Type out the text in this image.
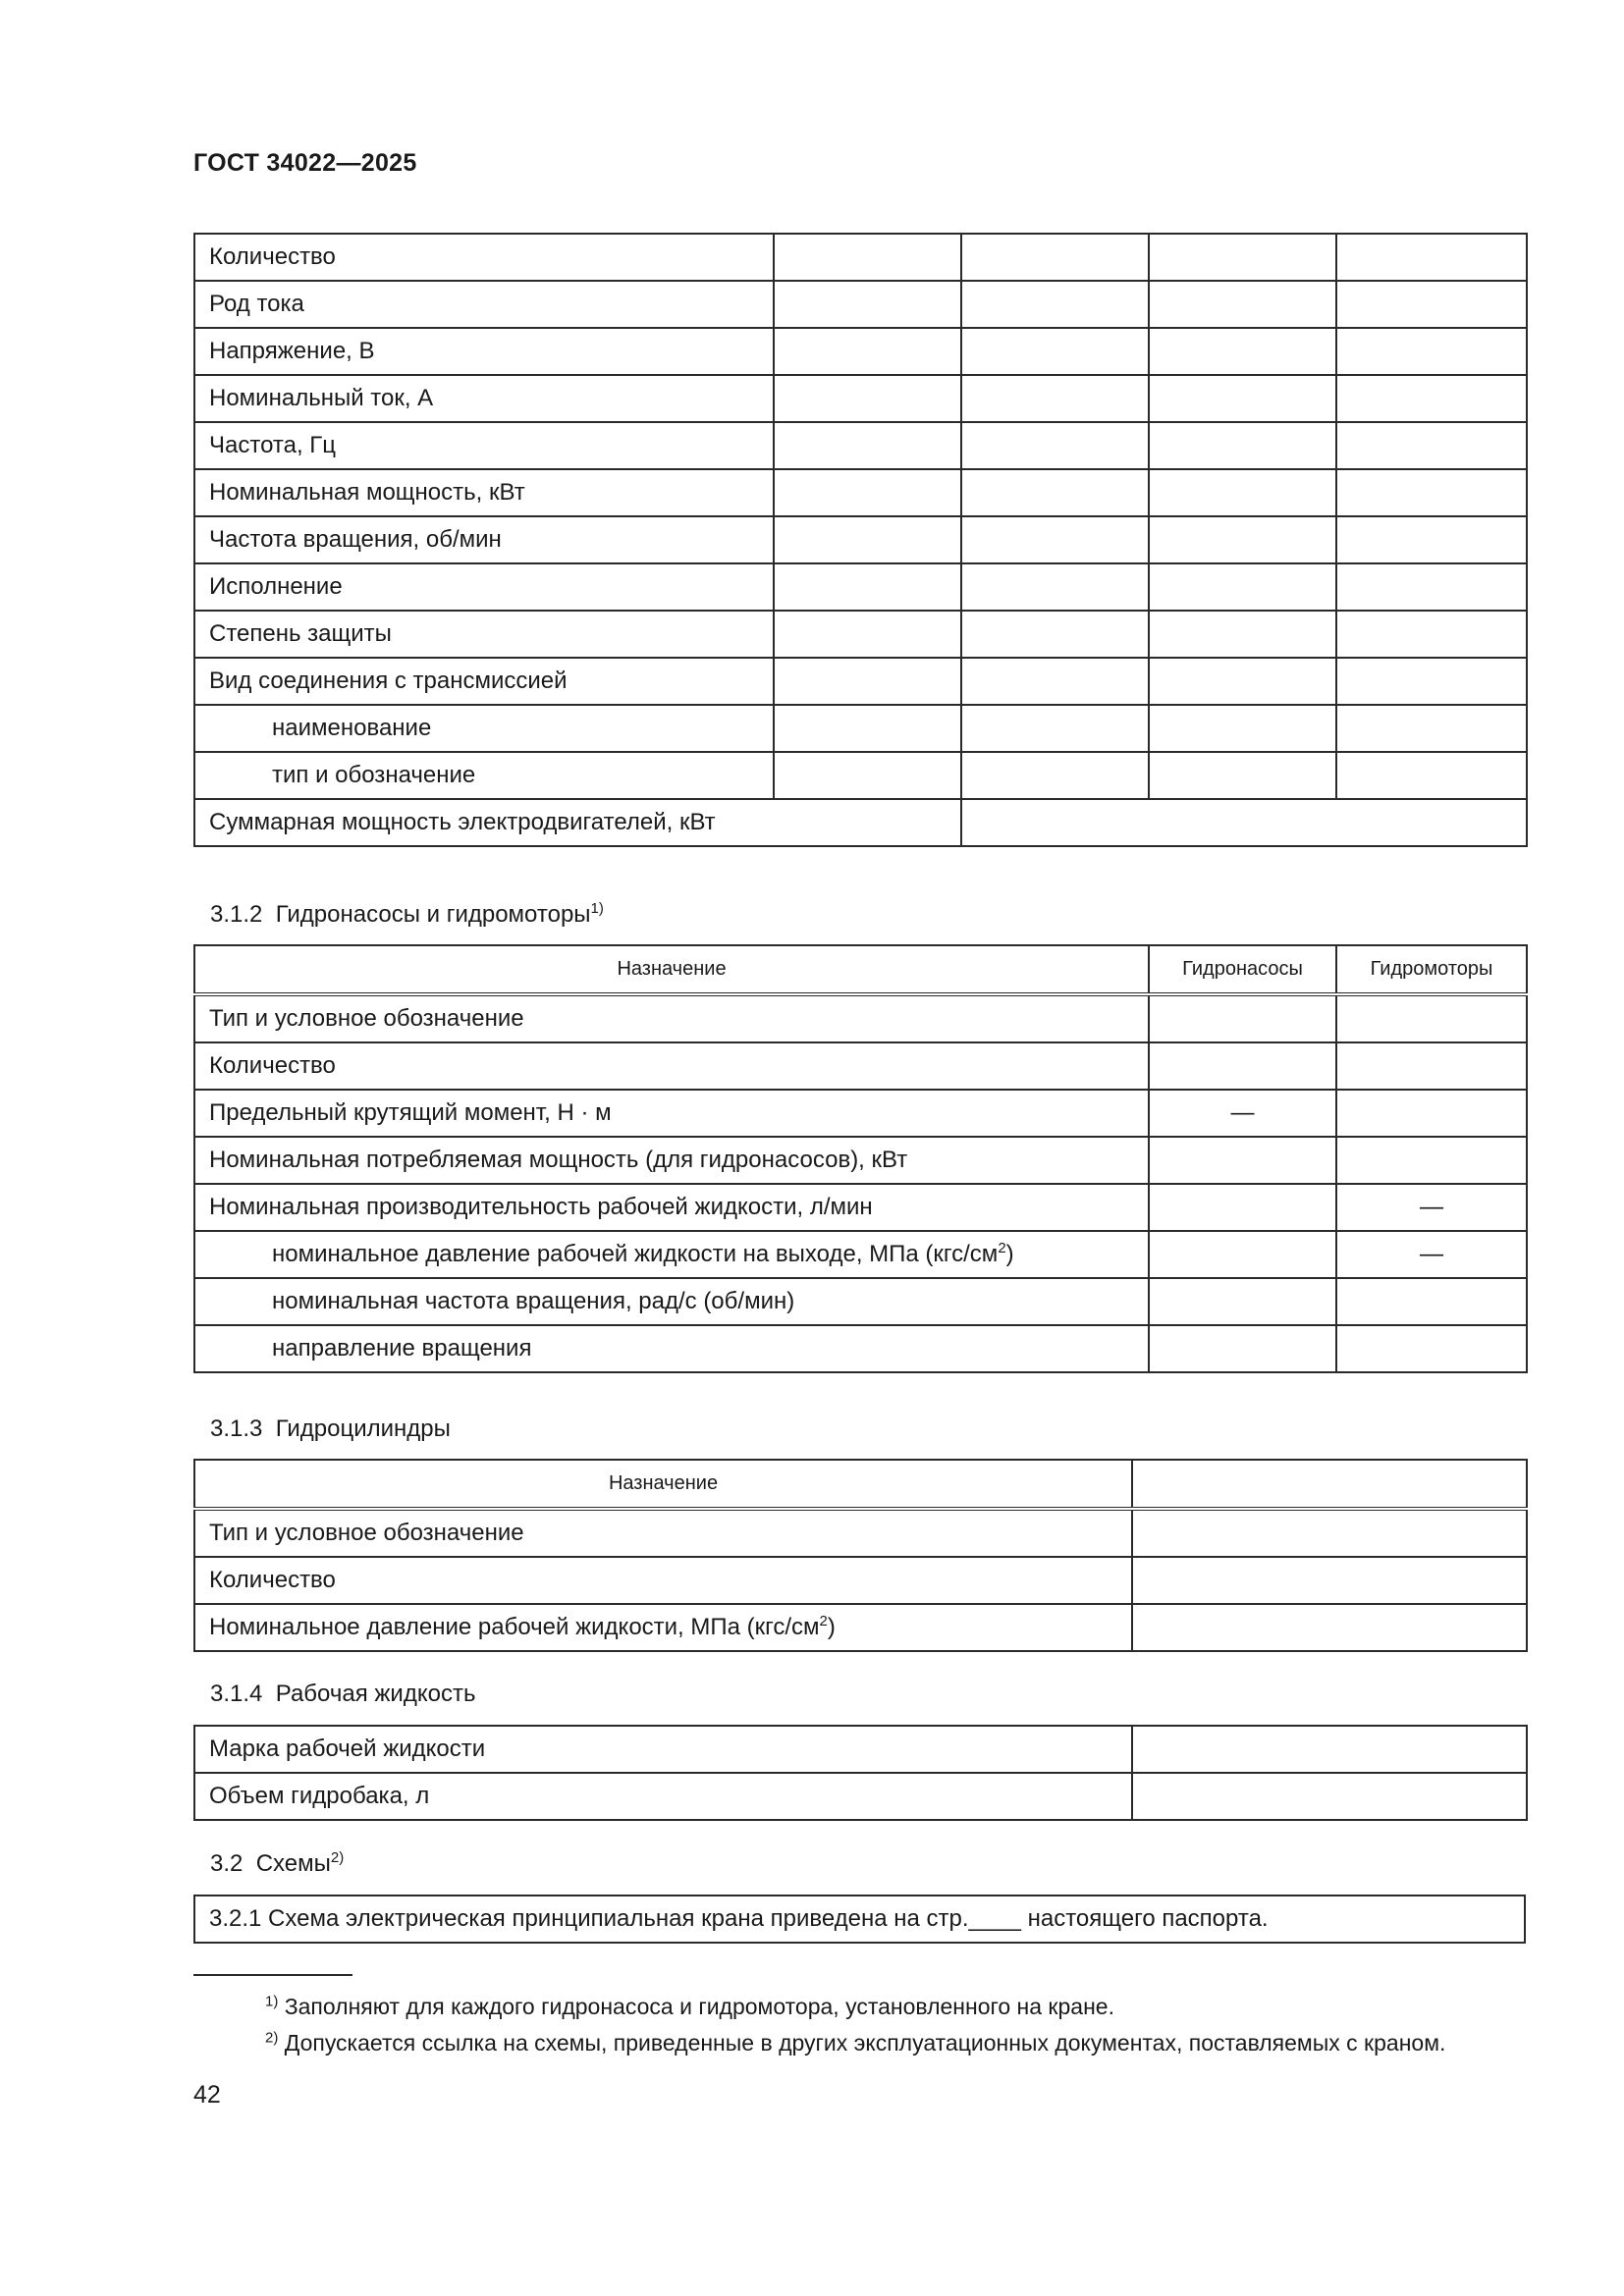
ГОСТ 34022—2025
Количество				
Род тока				
Напряжение, В				
Номинальный ток, А				
Частота, Гц				
Номинальная мощность, кВт				
Частота вращения, об/мин				
Исполнение				
Степень защиты				
Вид соединения с трансмиссией				
наименование				
тип и обозначение				
Суммарная мощность электродвигателей, кВт				
3.1.2 Гидронасосы и гидромоторы$^{1)}$
Назначение	Гидронасосы	Гидромоторы
Тип и условное обозначение		
Количество		
Предельный крутящий момент, Н · м	—	
Номинальная потребляемая мощность (для гидронасосов), кВт		
Номинальная производительность рабочей жидкости, л/мин		—
номинальное давление рабочей жидкости на выходе, МПа $(кгс/см^2)$		—
номинальная частота вращения, рад/с (об/мин)		
направление вращения		
3.1.3 Гидроцилиндры
Назначение	
Тип и условное обозначение	
Количество	
Номинальное давление рабочей жидкости, МПа $(кгс/см^2)$	
3.1.4 Рабочая жидкость
Марка рабочей жидкости	
Объем гидробака, л	
3.2 Схемы$^{2)}$
3.2.1 Схема электрическая принципиальная крана приведена на стр.____ настоящего паспорта.
$^{1)}$ Заполняют для каждого гидронасоса и гидромотора, установленного на кране.
$^{2)}$ Допускается ссылка на схемы, приведенные в других эксплуатационных документах, поставляемых с краном.
42
